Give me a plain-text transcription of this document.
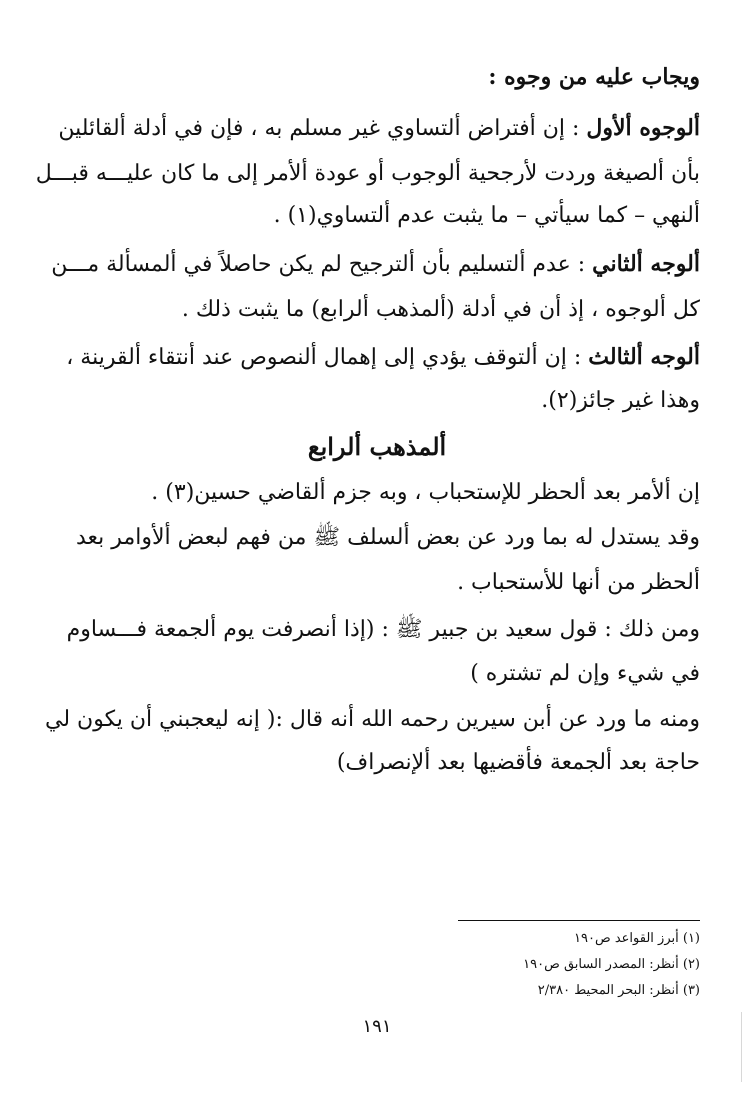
ويجاب عليه من وجوه :
ألوجوه ألأول : إن أفتراض ألتساوي غير مسلم به ، فإن في أدلة ألقائلين
بأن ألصيغة وردت لأرجحية ألوجوب أو عودة ألأمر إلى ما كان عليـــه قبـــل
ألنهي – كما سيأتي – ما يثبت عدم ألتساوي(١) .
ألوجه ألثاني : عدم ألتسليم بأن ألترجيح لم يكن حاصلاً في ألمسألة مـــن
كل ألوجوه ، إذ أن في أدلة (ألمذهب ألرابع) ما يثبت ذلك .
ألوجه ألثالث : إن ألتوقف يؤدي إلى إهمال ألنصوص عند أنتقاء ألقرينة ،
وهذا غير جائز(٢).
ألمذهب ألرابع
إن ألأمر بعد ألحظر للإستحباب ، وبه جزم ألقاضي حسين(٣) .
وقد يستدل له بما ورد عن بعض ألسلف ﷺ من فهم لبعض ألأوامر بعد
ألحظر من أنها للأستحباب .
ومن ذلك : قول سعيد بن جبير ﷺ : (إذا أنصرفت يوم ألجمعة فـــساوم
في شيء وإن لم تشتره )
ومنه ما ورد عن أبن سيرين رحمه الله أنه قال :( إنه ليعجبني أن يكون لي
حاجة بعد ألجمعة فأقضيها بعد ألإنصراف)
(١) أبرز القواعد ص١٩٠
(٢) أنظر: المصدر السابق ص١٩٠
(٣) أنظر: البحر المحيط ٢/٣٨٠
١٩١
